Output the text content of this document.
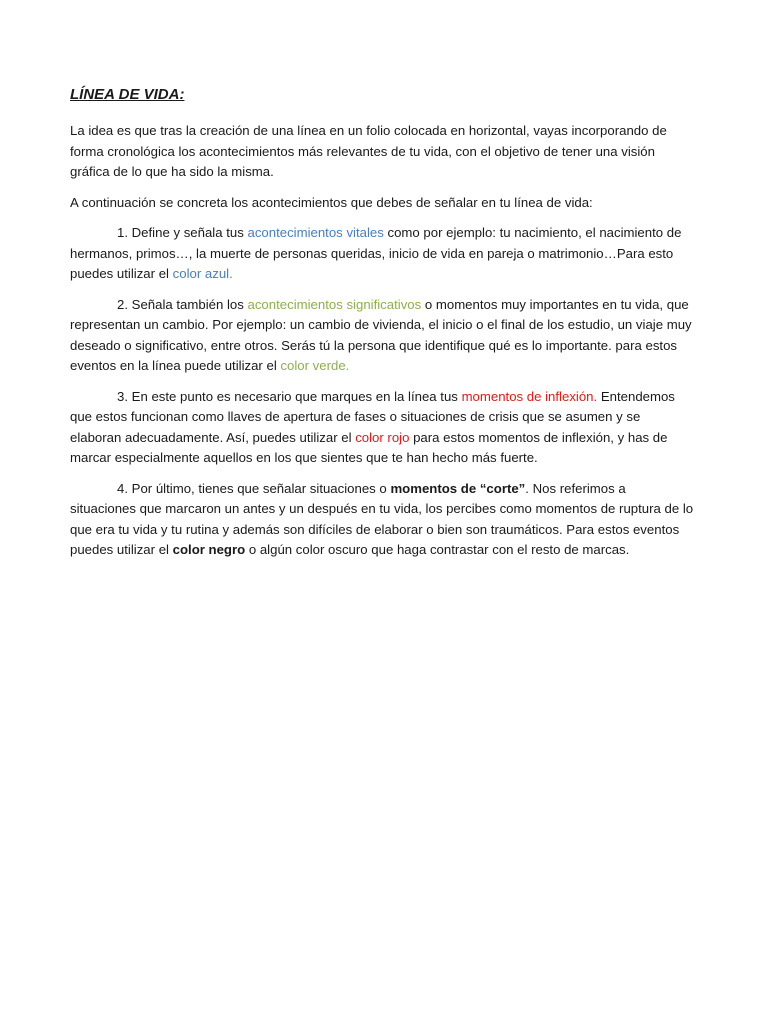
LÍNEA DE VIDA:

La idea es que tras la creación de una línea en un folio colocada en horizontal, vayas incorporando de forma cronológica los acontecimientos más relevantes de tu vida, con el objetivo de tener una visión gráfica de lo que ha sido la misma.

A continuación se concreta los acontecimientos que debes de señalar en tu línea de vida:

1. Define y señala tus acontecimientos vitales como por ejemplo: tu nacimiento, el nacimiento de hermanos, primos…, la muerte de personas queridas, inicio de vida en pareja o matrimonio…Para esto puedes utilizar el color azul.

2. Señala también los acontecimientos significativos o momentos muy importantes en tu vida, que representan un cambio. Por ejemplo: un cambio de vivienda, el inicio o el final de los estudio, un viaje muy deseado o significativo, entre otros. Serás tú la persona que identifique qué es lo importante. para estos eventos en la línea puede utilizar el color verde.

3. En este punto es necesario que marques en la línea tus momentos de inflexión. Entendemos que estos funcionan como llaves de apertura de fases o situaciones de crisis que se asumen y se elaboran adecuadamente. Así, puedes utilizar el color rojo para estos momentos de inflexión, y has de marcar especialmente aquellos en los que sientes que te han hecho más fuerte.

4. Por último, tienes que señalar situaciones o momentos de “corte”. Nos referimos a situaciones que marcaron un antes y un después en tu vida, los percibes como momentos de ruptura de lo que era tu vida y tu rutina y además son difíciles de elaborar o bien son traumáticos. Para estos eventos puedes utilizar el color negro o algún color oscuro que haga contrastar con el resto de marcas.
